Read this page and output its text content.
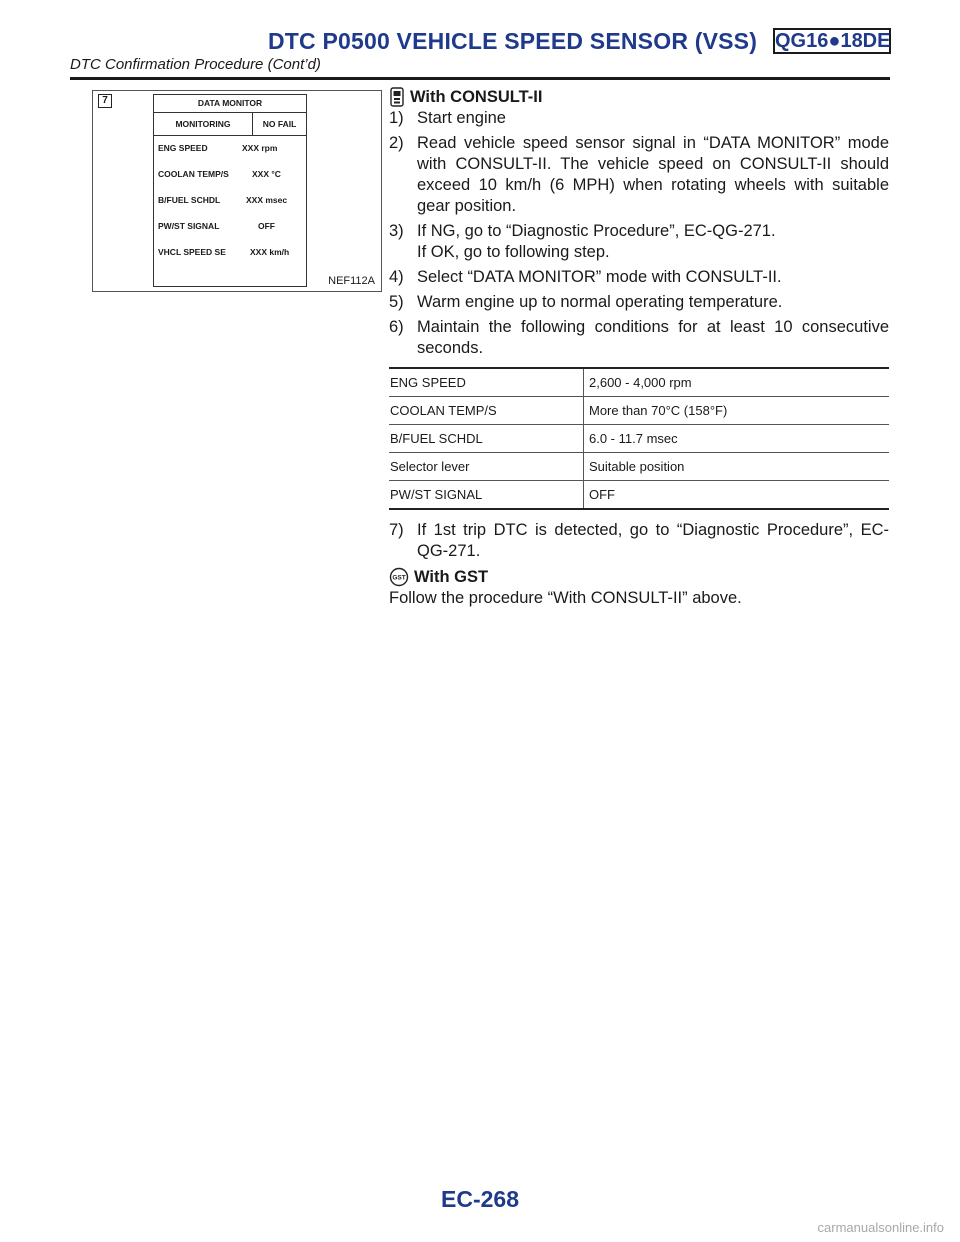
DTC P0500 VEHICLE SPEED SENSOR (VSS) QG16●18DE
DTC Confirmation Procedure (Cont’d)
7	DATA MONITOR
MONITORING	NO FAIL
ENG SPEED	XXX rpm
COOLAN TEMP/S	XXX °C
B/FUEL SCHDL	XXX msec
PW/ST SIGNAL	OFF
VHCL SPEED SE	XXX km/h
NEF112A
With CONSULT-II
1) Start engine
2) Read vehicle speed sensor signal in “DATA MONITOR” mode with CONSULT-II. The vehicle speed on CONSULT-II should exceed 10 km/h (6 MPH) when rotating wheels with suitable gear position.
3) If NG, go to “Diagnostic Procedure”, EC-QG-271.
If OK, go to following step.
4) Select “DATA MONITOR” mode with CONSULT-II.
5) Warm engine up to normal operating temperature.
6) Maintain the following conditions for at least 10 consecutive seconds.
ENG SPEED	2,600 - 4,000 rpm
COOLAN TEMP/S	More than 70°C (158°F)
B/FUEL SCHDL	6.0 - 11.7 msec
Selector lever	Suitable position
PW/ST SIGNAL	OFF
7) If 1st trip DTC is detected, go to “Diagnostic Procedure”, EC-QG-271.
GST With GST
Follow the procedure “With CONSULT-II” above.
EC-268
carmanualsonline.info
